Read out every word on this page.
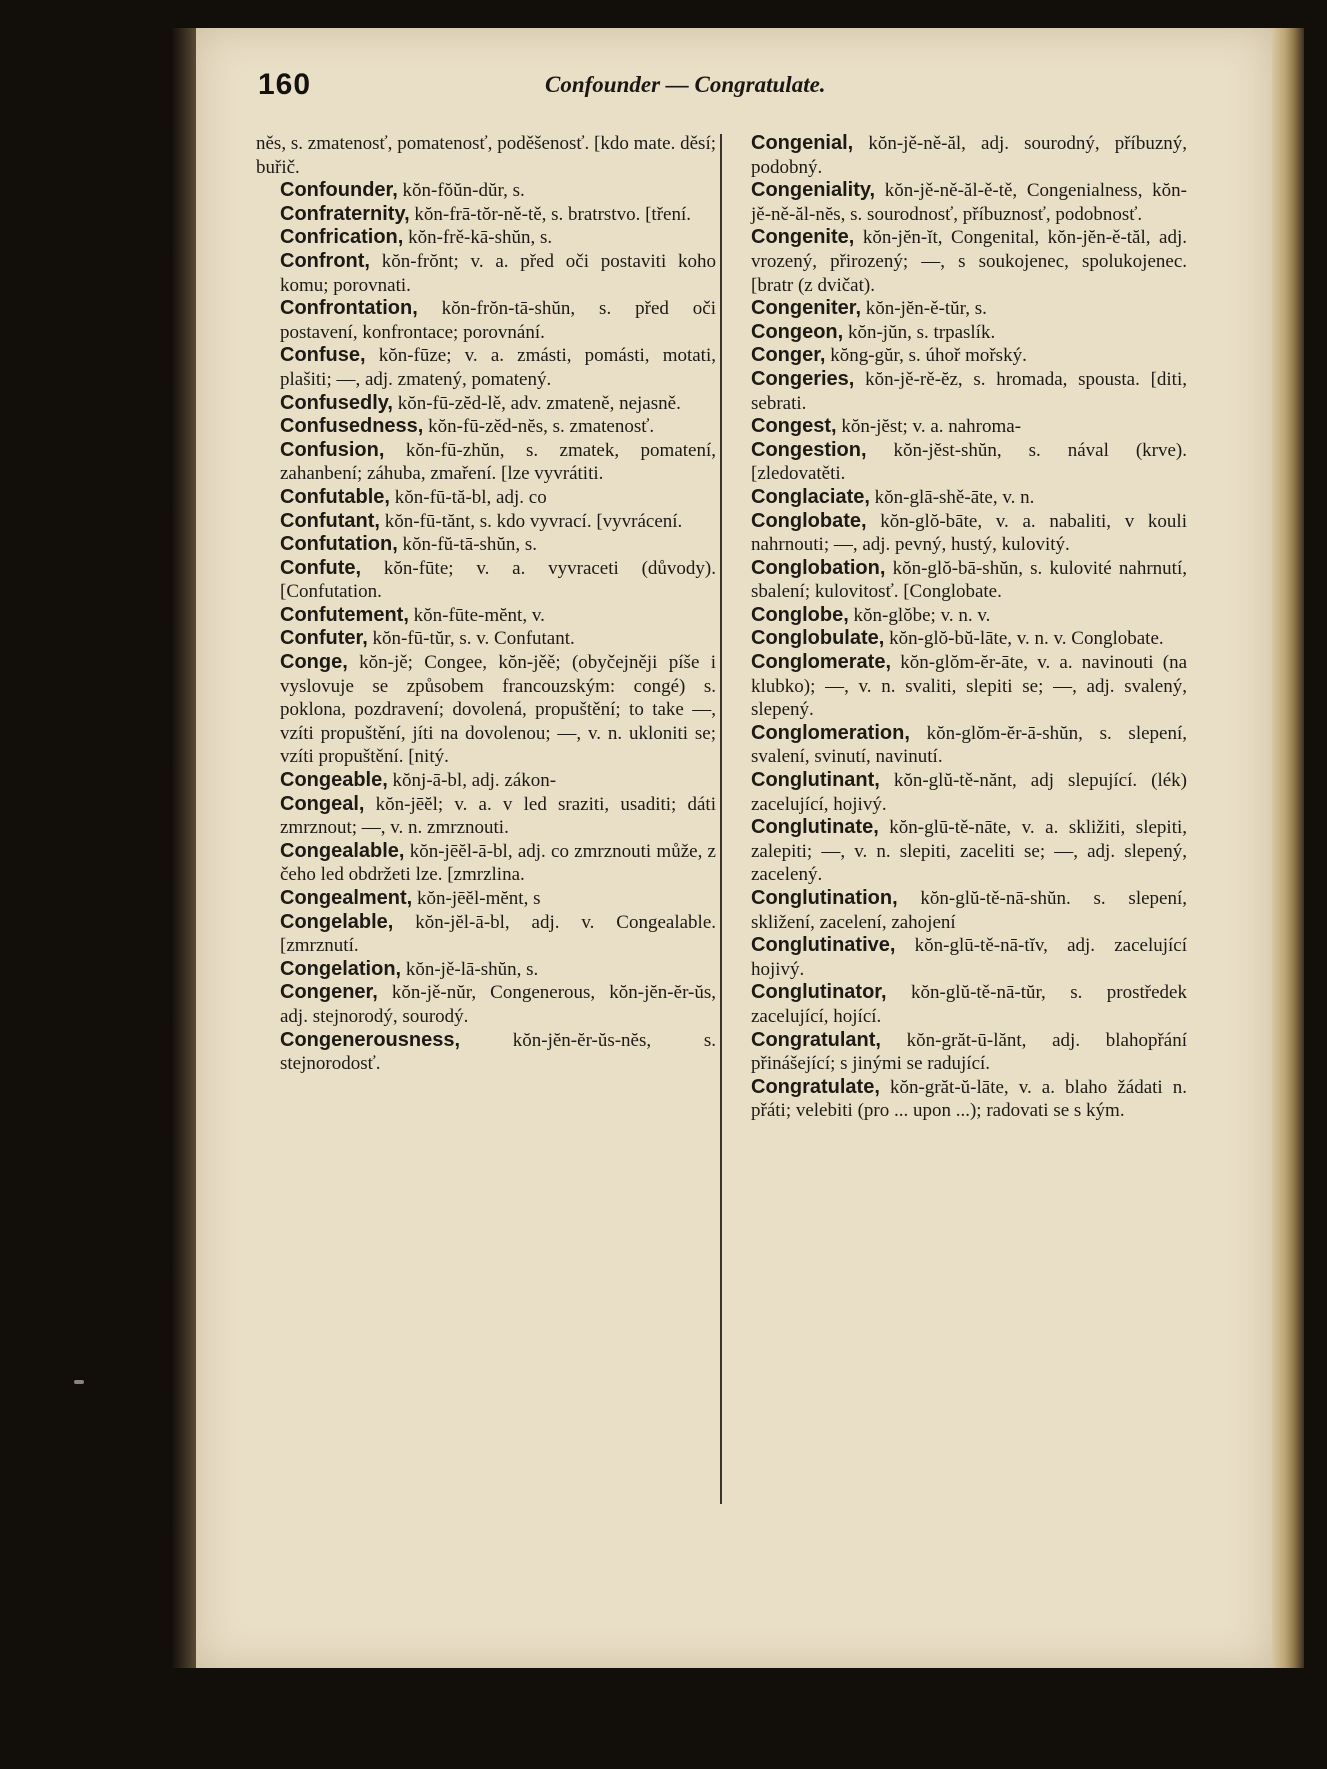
160	Confounder — Congratulate.

něs, s. zmatenosť, pomatenosť, poděšenosť. [kdo mate. děsí; buřič.

Confounder, kŏn-fŏŭn-dŭr, s.

Confraternity, kŏn-frā-tŏr-ně-tě, s. bratrstvo. [tření.

Confrication, kŏn-frě-kā-shŭn, s.

Confront, kŏn-frŏnt; v. a. před oči postaviti koho komu; porovnati.

Confrontation, kŏn-frŏn-tā-shŭn, s. před oči postavení, konfrontace; porovnání.

Confuse, kŏn-fūze; v. a. zmásti, pomásti, motati, plašiti; —, adj. zmatený, pomatený.

Confusedly, kŏn-fū-zĕd-lě, adv. zmateně, nejasně.

Confusedness, kŏn-fū-zĕd-nĕs, s. zmatenosť.

Confusion, kŏn-fū-zhŭn, s. zmatek, pomatení, zahanbení; záhuba, zmaření. [lze vyvrátiti.

Confutable, kŏn-fū-tă-bl, adj. co

Confutant, kŏn-fū-tănt, s. kdo vyvrací. [vyvrácení.

Confutation, kŏn-fŭ-tā-shŭn, s.

Confute, kŏn-fūte; v. a. vyvraceti (důvody). [Confutation.

Confutement, kŏn-fūte-mĕnt, v.

Confuter, kŏn-fū-tŭr, s. v. Confutant.

Conge, kŏn-jě; Congee, kŏn-jěě; (obyčejněji píše i vyslovuje se způsobem francouzským: congé) s. poklona, pozdravení; dovolená, propuštění; to take —, vzíti propuštění, jíti na dovolenou; —, v. n. ukloniti se; vzíti propuštění. [nitý.

Congeable, kŏnj-ā-bl, adj. zákon-

Congeal, kŏn-jēĕl; v. a. v led sraziti, usaditi; dáti zmrznout; —, v. n. zmrznouti.

Congealable, kŏn-jēĕl-ā-bl, adj. co zmrznouti může, z čeho led obdržeti lze. [zmrzlina.

Congealment, kŏn-jēĕl-mĕnt, s

Congelable, kŏn-jĕl-ā-bl, adj. v. Congealable. [zmrznutí.

Congelation, kŏn-jě-lā-shŭn, s.

Congener, kŏn-jě-nŭr, Congenerous, kŏn-jĕn-ĕr-ŭs, adj. stejnorodý, sourodý.

Congenerousness, kŏn-jĕn-ĕr-ŭs-nĕs, s. stejnorodosť.

Congenial, kŏn-jě-ně-ăl, adj. sourodný, příbuzný, podobný.

Congeniality, kŏn-jě-ně-ăl-ě-tě, Congenialness, kŏn-jě-ně-ăl-nĕs, s. sourodnosť, příbuznosť, podobnosť.

Congenite, kŏn-jĕn-ĭt, Congenital, kŏn-jĕn-ě-tăl, adj. vrozený, přirozený; —, s soukojenec, spolukojenec. [bratr (z dvičat).

Congeniter, kŏn-jĕn-ě-tŭr, s.

Congeon, kŏn-jŭn, s. trpaslík.

Conger, kŏng-gŭr, s. úhoř mořský.

Congeries, kŏn-jě-rě-ĕz, s. hromada, spousta. [diti, sebrati.

Congest, kŏn-jĕst; v. a. nahroma-

Congestion, kŏn-jĕst-shŭn, s. nával (krve). [zledovatěti.

Conglaciate, kŏn-glā-shě-āte, v. n.

Conglobate, kŏn-glŏ-bāte, v. a. nabaliti, v kouli nahrnouti; —, adj. pevný, hustý, kulovitý.

Conglobation, kŏn-glŏ-bā-shŭn, s. kulovité nahrnutí, sbalení; kulovitosť. [Conglobate.

Conglobe, kŏn-glŏbe; v. n. v.

Conglobulate, kŏn-glŏ-bŭ-lāte, v. n. v. Conglobate.

Conglomerate, kŏn-glŏm-ĕr-āte, v. a. navinouti (na klubko); —, v. n. svaliti, slepiti se; —, adj. svalený, slepený.

Conglomeration, kŏn-glŏm-ĕr-ā-shŭn, s. slepení, svalení, svinutí, navinutí.

Conglutinant, kŏn-glŭ-tě-nănt, adj slepující. (lék) zacelující, hojivý.

Conglutinate, kŏn-glū-tě-nāte, v. a. skližiti, slepiti, zalepiti; —, v. n. slepiti, zaceliti se; —, adj. slepený, zacelený.

Conglutination, kŏn-glŭ-tě-nā-shŭn. s. slepení, skližení, zacelení, zahojení

Conglutinative, kŏn-glū-tě-nā-tĭv, adj. zacelující hojivý.

Conglutinator, kŏn-glŭ-tě-nā-tŭr, s. prostředek zacelující, hojící.

Congratulant, kŏn-grăt-ū-lănt, adj. blahopřání přinášející; s jinými se radující.

Congratulate, kŏn-grăt-ŭ-lāte, v. a. blaho žádati n. přáti; velebiti (pro ... upon ...); radovati se s kým.
